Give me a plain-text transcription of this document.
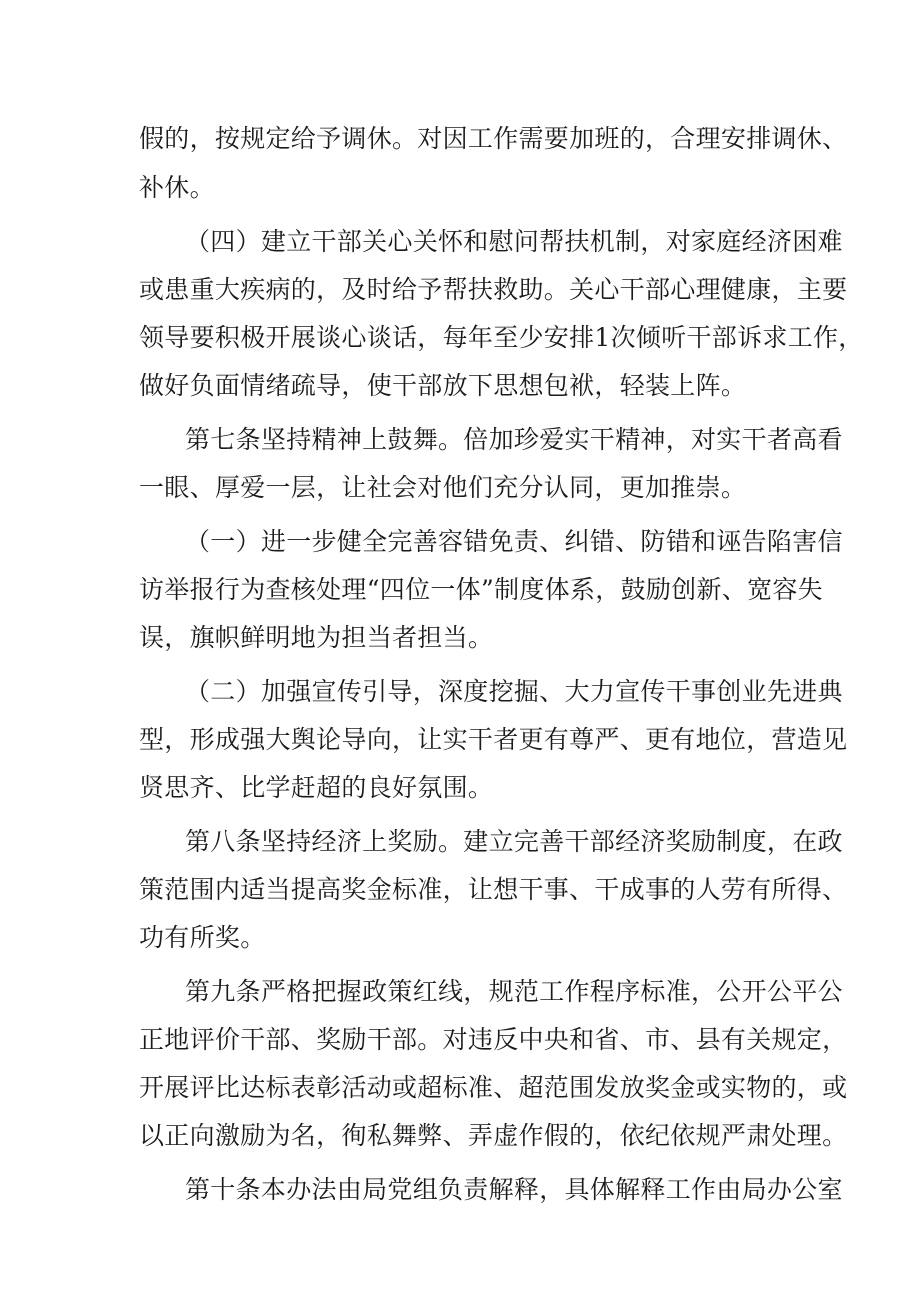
假的，按规定给予调休。对因工作需要加班的，合理安排调休、
补休。
（四）建立干部关心关怀和慰问帮扶机制，对家庭经济困难
或患重大疾病的，及时给予帮扶救助。关心干部心理健康，主要
领导要积极开展谈心谈话，每年至少安排1次倾听干部诉求工作，
做好负面情绪疏导，使干部放下思想包袱，轻装上阵。
第七条坚持精神上鼓舞。倍加珍爱实干精神，对实干者高看
一眼、厚爱一层，让社会对他们充分认同，更加推崇。
（一）进一步健全完善容错免责、纠错、防错和诬告陷害信
访举报行为查核处理“四位一体”制度体系，鼓励创新、宽容失
误，旗帜鲜明地为担当者担当。
（二）加强宣传引导，深度挖掘、大力宣传干事创业先进典
型，形成强大舆论导向，让实干者更有尊严、更有地位，营造见
贤思齐、比学赶超的良好氛围。
第八条坚持经济上奖励。建立完善干部经济奖励制度，在政
策范围内适当提高奖金标准，让想干事、干成事的人劳有所得、
功有所奖。
第九条严格把握政策红线，规范工作程序标准，公开公平公
正地评价干部、奖励干部。对违反中央和省、市、县有关规定，
开展评比达标表彰活动或超标准、超范围发放奖金或实物的，或
以正向激励为名，徇私舞弊、弄虚作假的，依纪依规严肃处理。
第十条本办法由局党组负责解释，具体解释工作由局办公室
